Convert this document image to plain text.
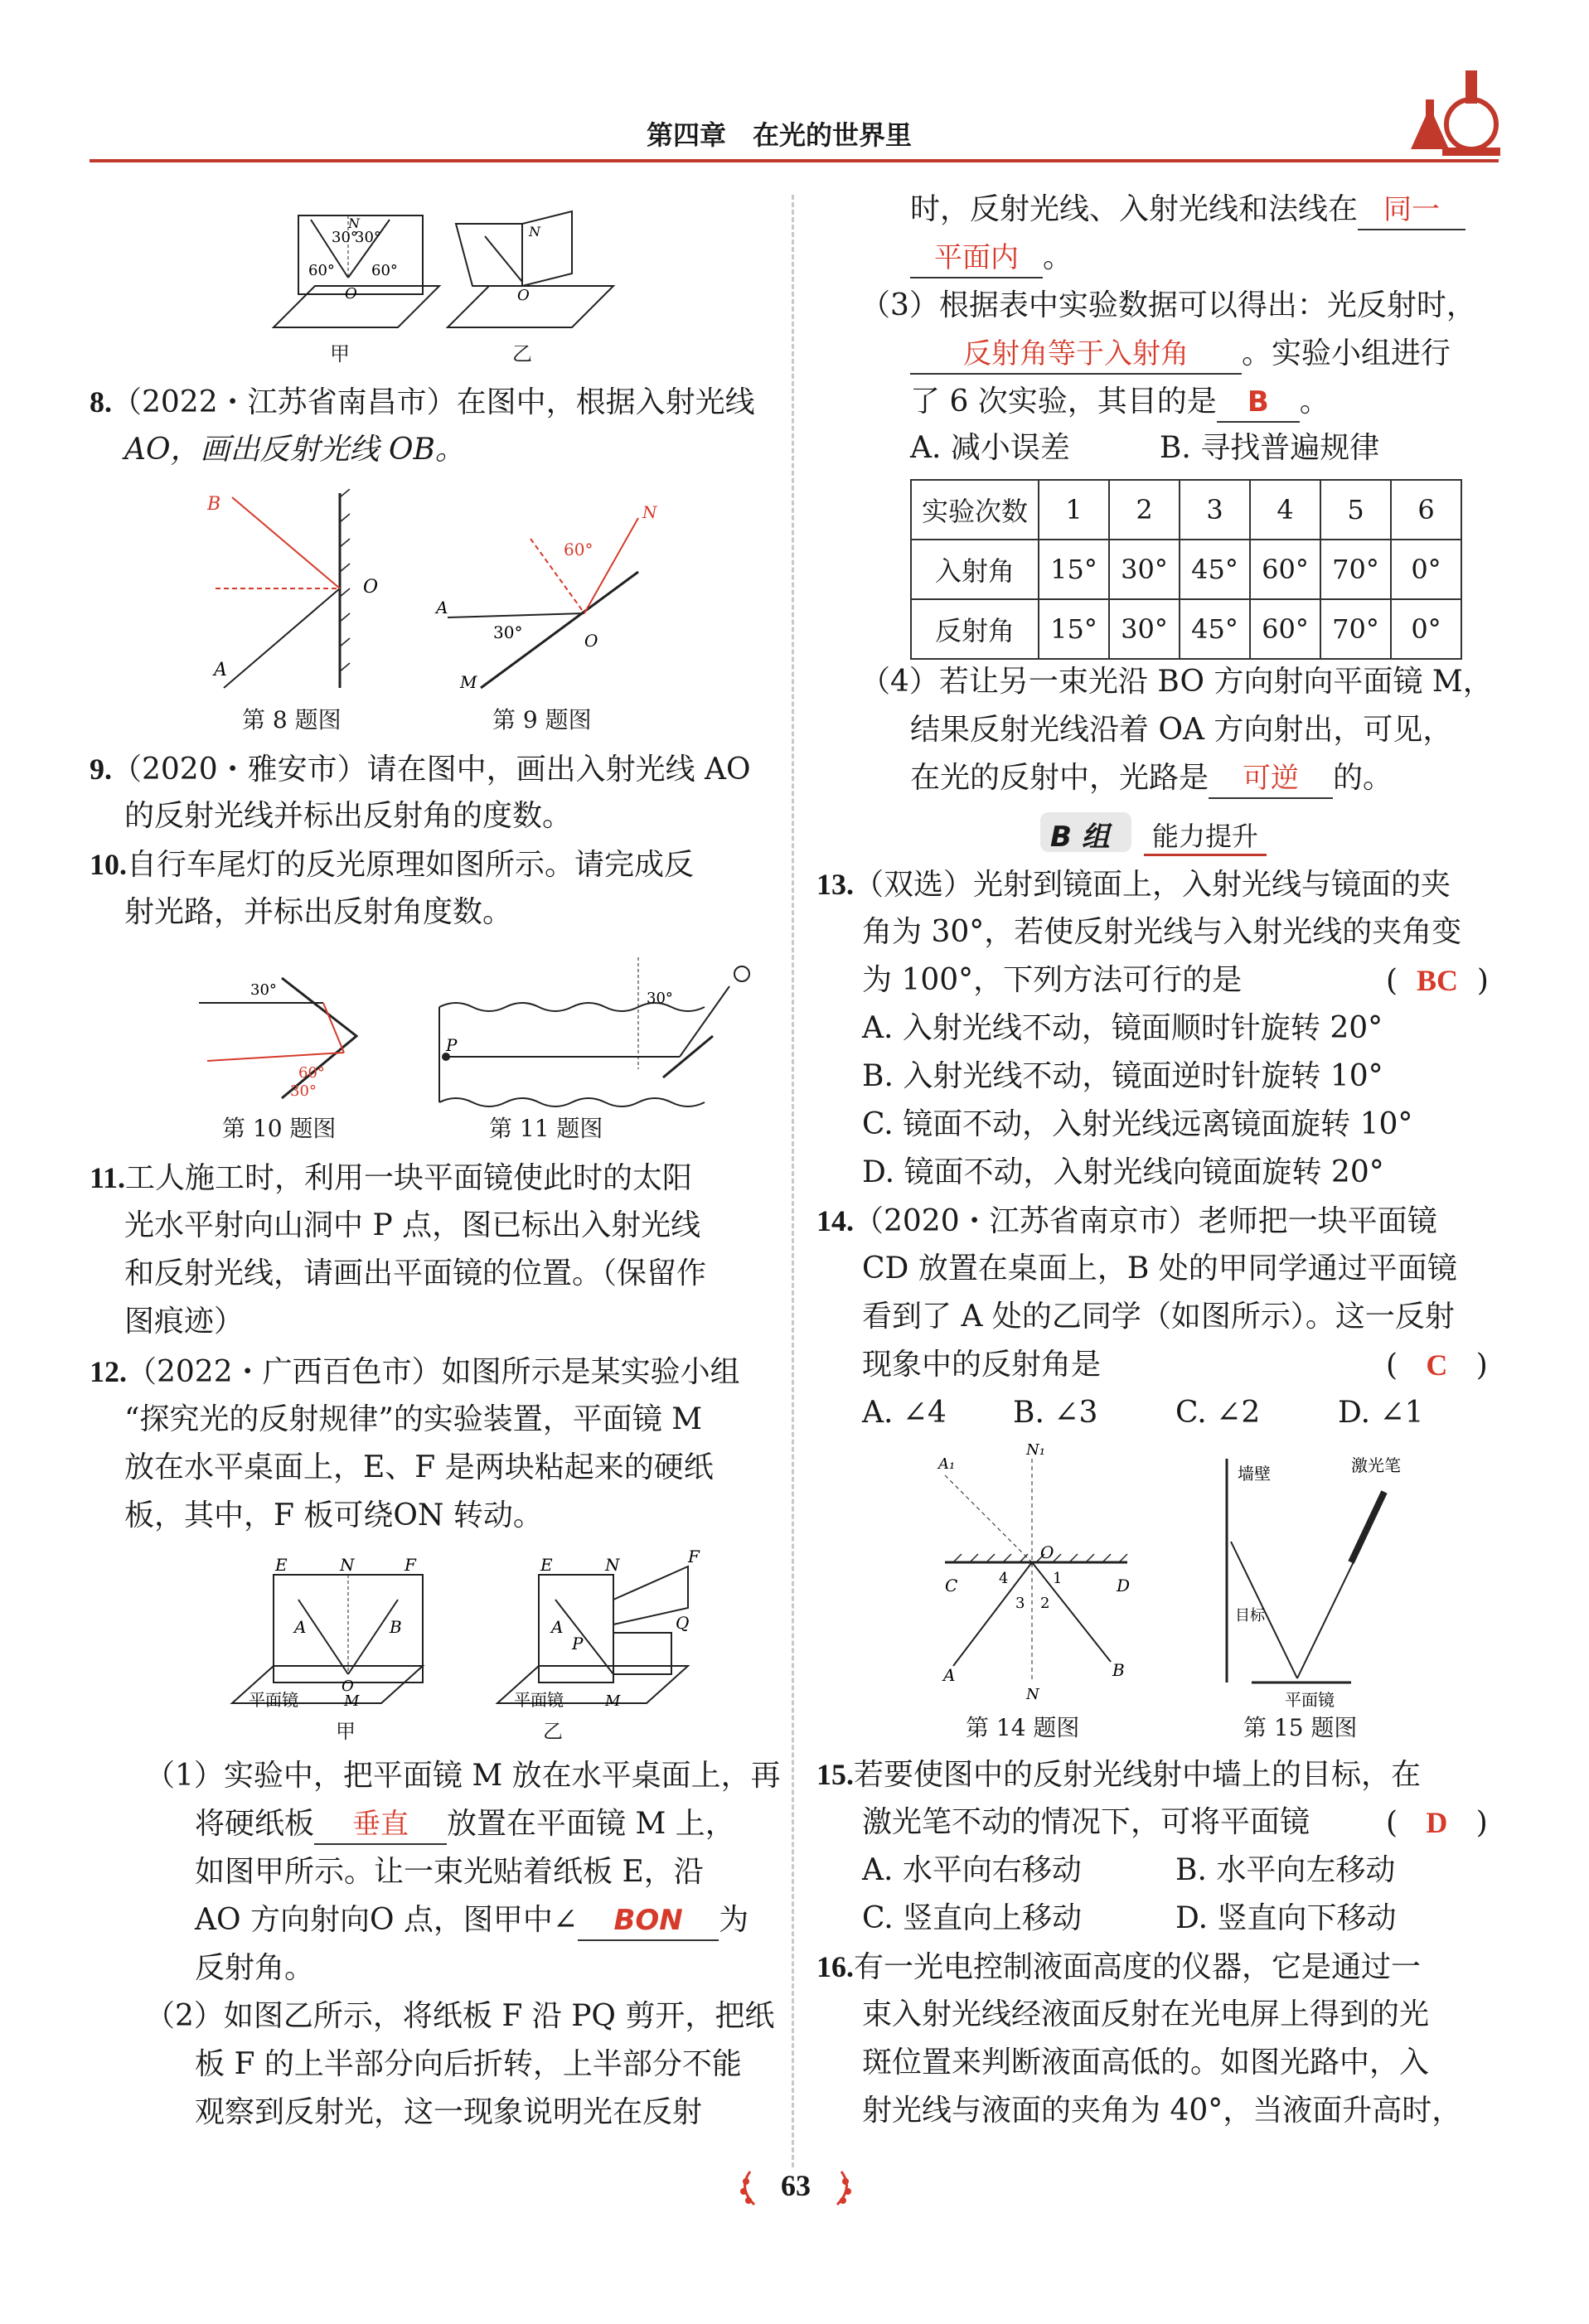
第四章　在光的世界里
30°
30°
60° 60°
O
N
N
O
甲	乙
8.（2022・江苏省南昌市）在图中，根据入射光线
AO，画出反射光线 OB。
B
A
O
60°
30°
A
O
M
N
第 8 题图	第 9 题图
9.（2020・雅安市）请在图中，画出入射光线 AO
的反射光线并标出反射角的度数。
10.自行车尾灯的反光原理如图所示。请完成反
射光路，并标出反射角度数。
30°
60°
30°
P
30°
第 10 题图	第 11 题图
11.工人施工时，利用一块平面镜使此时的太阳
光水平射向山洞中 P 点，图已标出入射光线
和反射光线，请画出平面镜的位置。（保留作
图痕迹）
12.（2022・广西百色市）如图所示是某实验小组
“探究光的反射规律”的实验装置，平面镜 M
放在水平桌面上，E、F 是两块粘起来的硬纸
板，其中，F 板可绕ON 转动。
E	N	F
A	B
O
平面镜	M
E	N	F
A
P
Q
平面镜	M
甲	乙
（1）实验中，把平面镜 M 放在水平桌面上，再
将硬纸板 垂直 放置在平面镜 M 上，
如图甲所示。让一束光贴着纸板 E，沿
AO 方向射向O 点，图甲中∠ BON 为
反射角。
（2）如图乙所示，将纸板 F 沿 PQ 剪开，把纸
板 F 的上半部分向后折转，上半部分不能
观察到反射光，这一现象说明光在反射
时，反射光线、入射光线和法线在 同一
平面内 。
（3）根据表中实验数据可以得出：光反射时，
反射角等于入射角 。实验小组进行
了 6 次实验，其目的是 B 。
A. 减小误差　　　B. 寻找普遍规律
实验次数	1	2	3	4	5	6
入射角	15°	30°	45°	60°	70°	0°
反射角	15°	30°	45°	60°	70°	0°
（4）若让另一束光沿 BO 方向射向平面镜 M，
结果反射光线沿着 OA 方向射出，可见，
在光的反射中，光路是 可逆 的。
B 组	能力提升
13.（双选）光射到镜面上，入射光线与镜面的夹
角为 30°，若使反射光线与入射光线的夹角变
为 100°，下列方法可行的是	(  BC  )
A. 入射光线不动，镜面顺时针旋转 20°
B. 入射光线不动，镜面逆时针旋转 10°
C. 镜面不动，入射光线远离镜面旋转 10°
D. 镜面不动，入射光线向镜面旋转 20°
14.（2020・江苏省南京市）老师把一块平面镜
CD 放置在桌面上，B 处的甲同学通过平面镜
看到了 A 处的乙同学（如图所示）。这一反射
现象中的反射角是	(   C   )
A. ∠4 B. ∠3	C. ∠2	D. ∠1
A₁
N₁
O
C	D
4	1
3 2
A
N
B
墙壁	激光笔
目标
平面镜
第 14 题图	第 15 题图
15.若要使图中的反射光线射中墙上的目标，在
激光笔不动的情况下，可将平面镜	(   D   )
A. 水平向右移动	B. 水平向左移动
C. 竖直向上移动	D. 竖直向下移动
16.有一光电控制液面高度的仪器，它是通过一
束入射光线经液面反射在光电屏上得到的光
斑位置来判断液面高低的。如图光路中，入
射光线与液面的夹角为 40°，当液面升高时，
63
